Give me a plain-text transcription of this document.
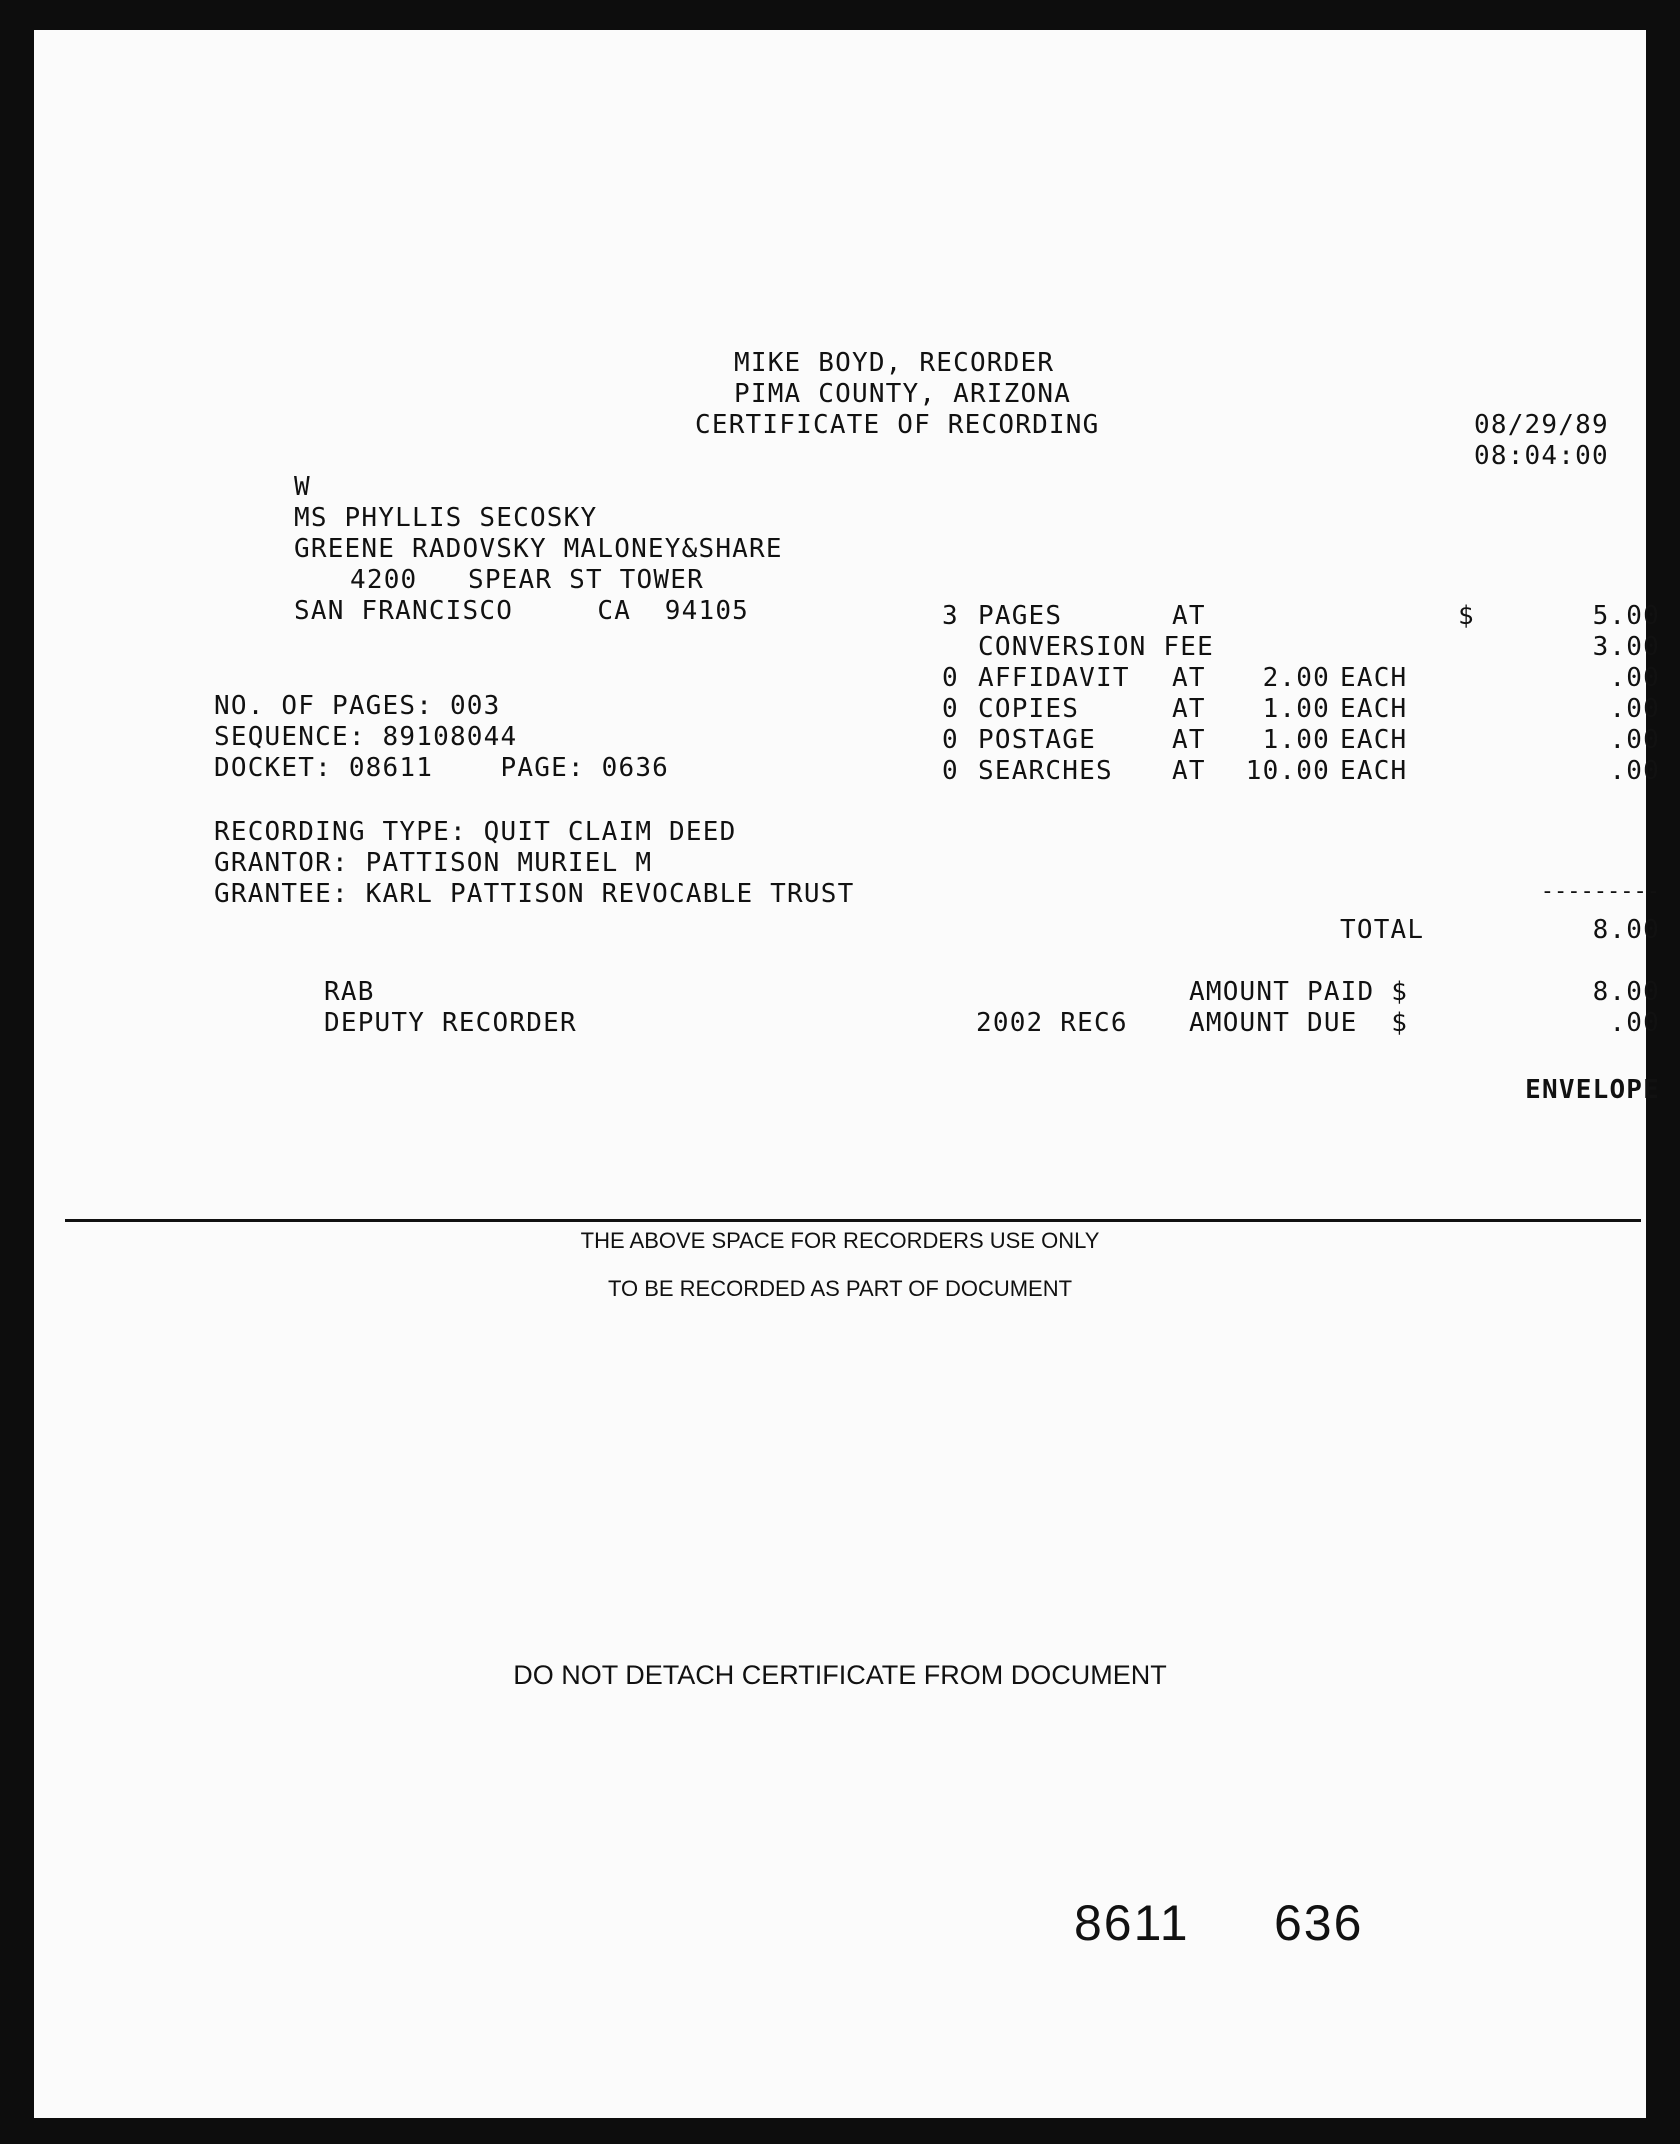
MIKE BOYD, RECORDER
PIMA COUNTY, ARIZONA
CERTIFICATE OF RECORDING	08/29/89
08:04:00
W
MS PHYLLIS SECOSKY
GREENE RADOVSKY MALONEY&SHARE
4200   SPEAR ST TOWER
SAN FRANCISCO     CA  94105
NO. OF PAGES: 003
SEQUENCE: 89108044
DOCKET: 08611    PAGE: 0636
RECORDING TYPE: QUIT CLAIM DEED
GRANTOR: PATTISON MURIEL M
GRANTEE: KARL PATTISON REVOCABLE TRUST
3 PAGES	AT	$	5.00
CONVERSION FEE	3.00
0 AFFIDAVIT AT	2.00 EACH	.00
0 COPIES	AT	1.00 EACH	.00
0 POSTAGE	AT	1.00 EACH	.00
0 SEARCHES AT	10.00 EACH	.00
---------
TOTAL	8.00
RAB
DEPUTY RECORDER
AMOUNT PAID $	8.00
2002 REC6 AMOUNT DUE  $	.00
ENVELOPE
THE ABOVE SPACE FOR RECORDERS USE ONLY
TO BE RECORDED AS PART OF DOCUMENT
DO NOT DETACH CERTIFICATE FROM DOCUMENT
8611 636
